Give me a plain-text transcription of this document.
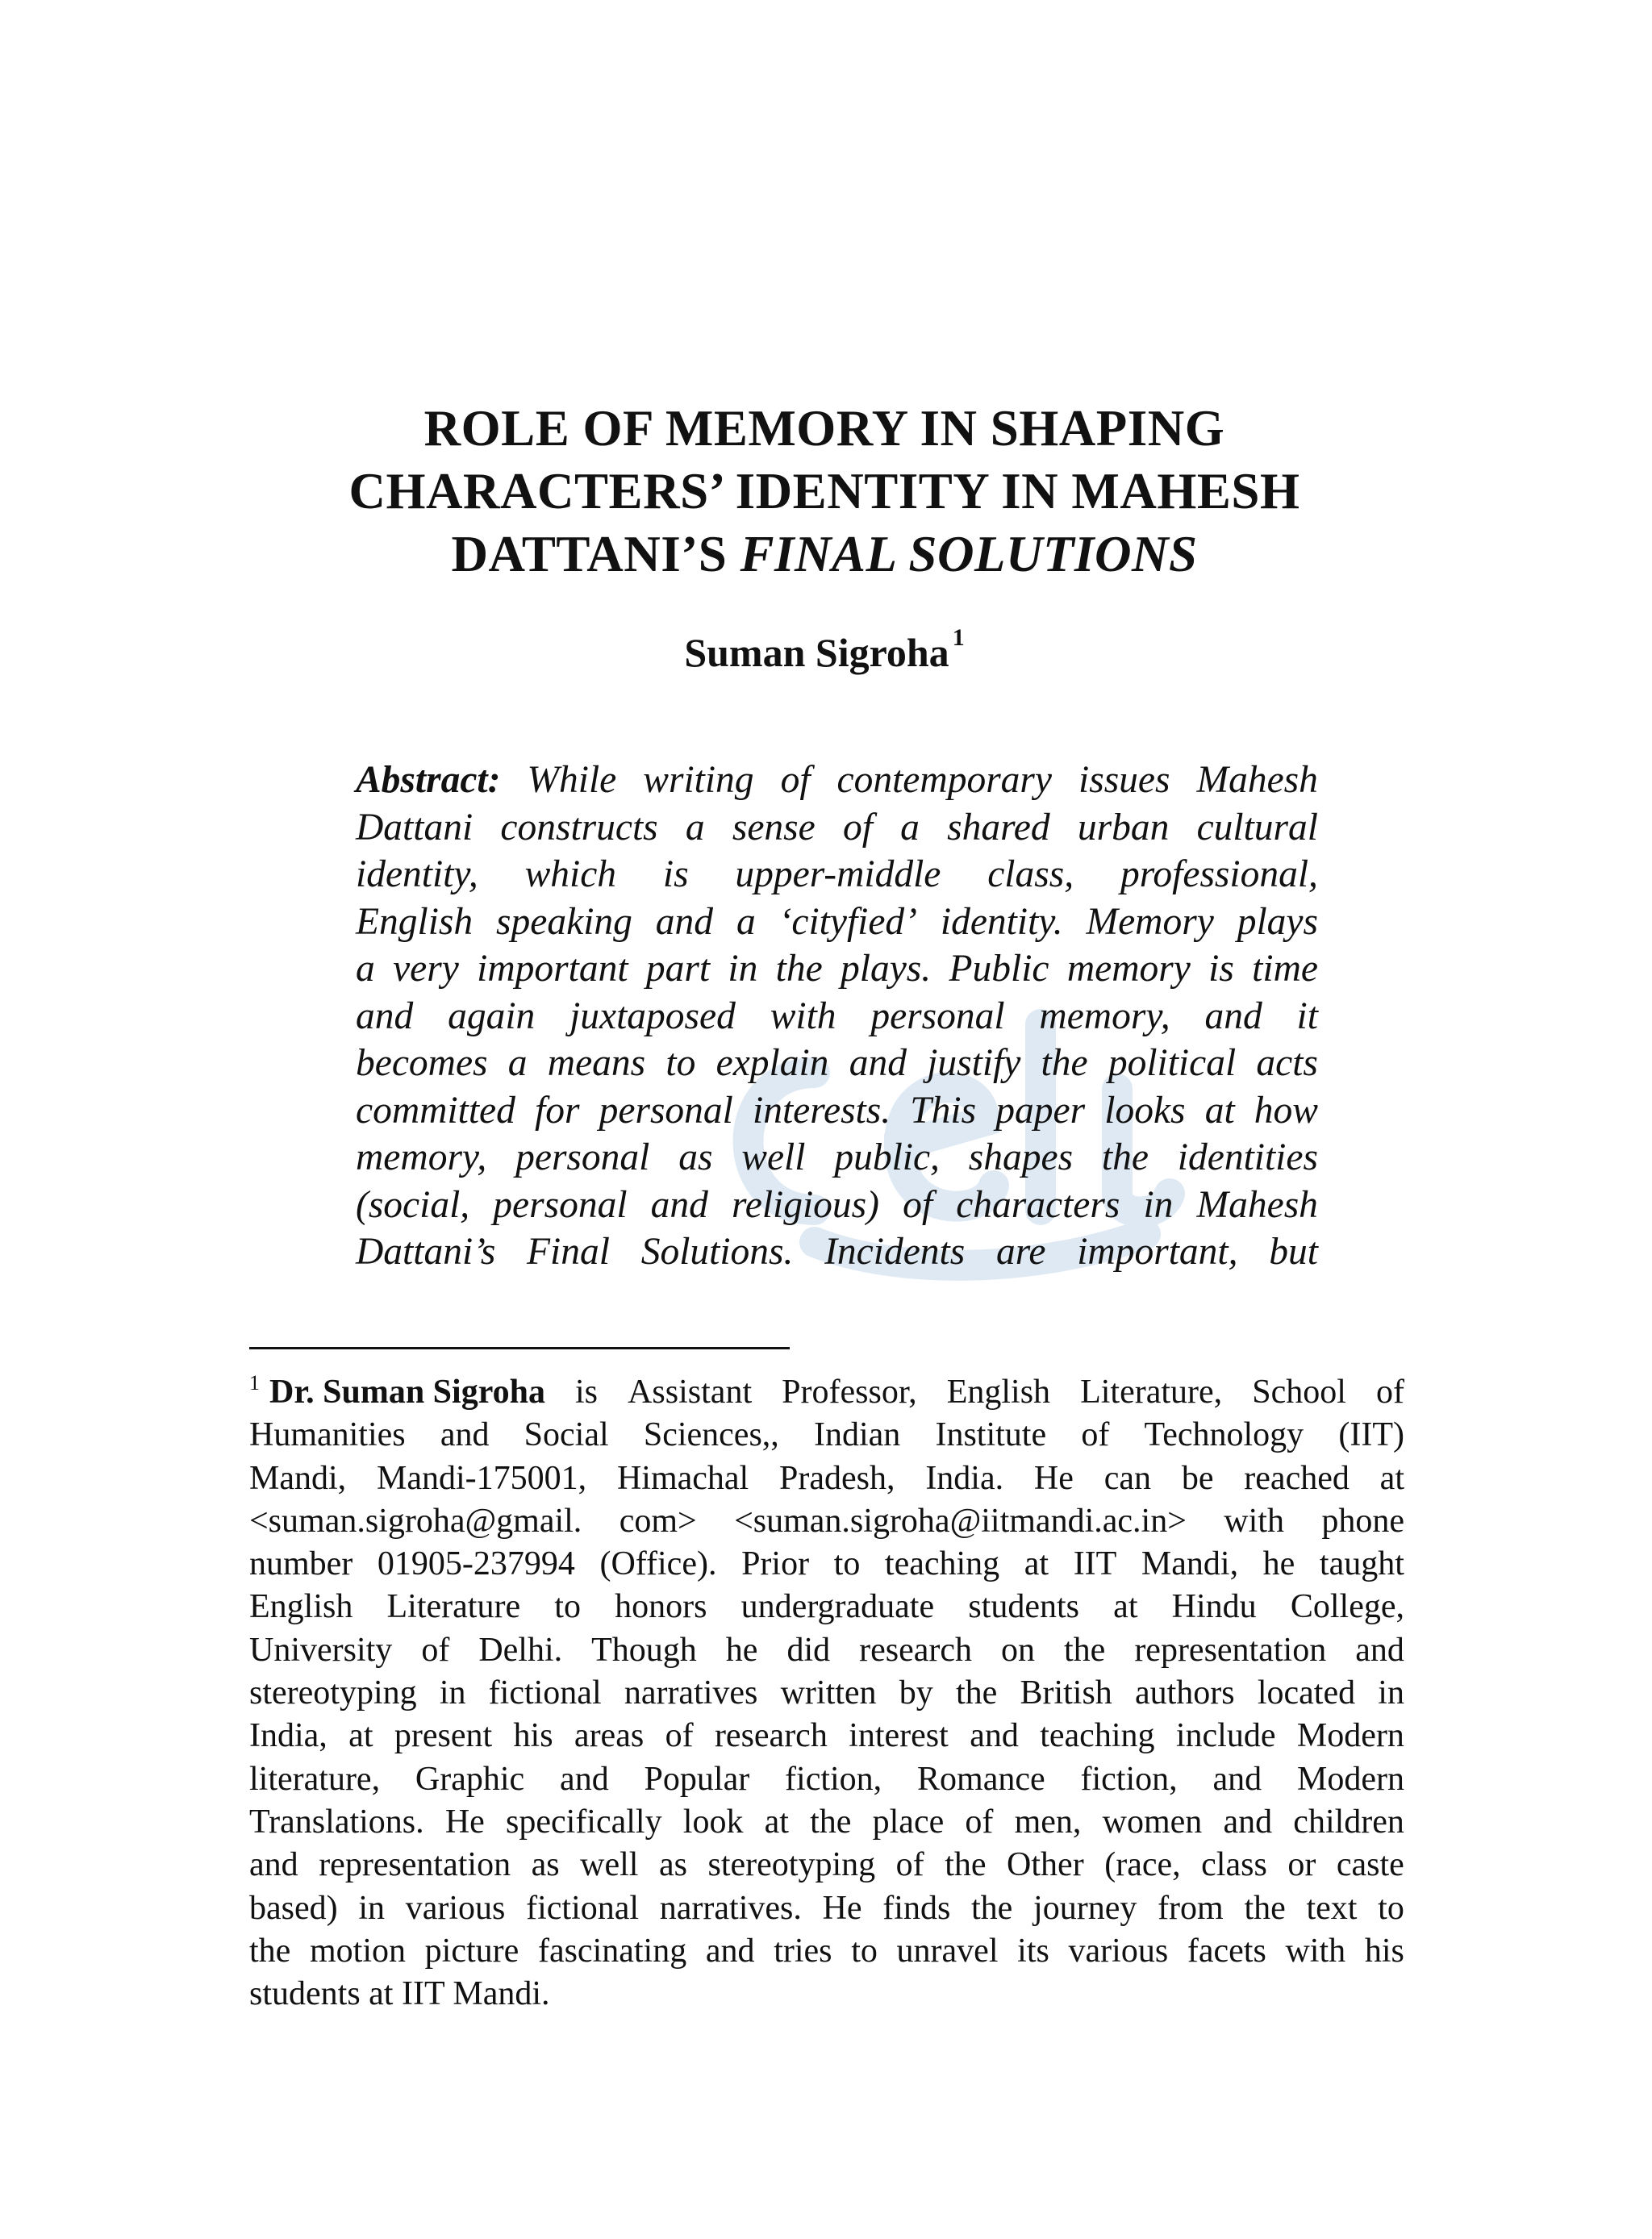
ROLE OF MEMORY IN SHAPING
CHARACTERS’ IDENTITY IN MAHESH
DATTANI’S FINAL SOLUTIONS
Suman Sigroha $^1$
Abstract: While writing of contemporary issues Mahesh
Dattani constructs a sense of a shared urban cultural
identity, which is upper-middle class, professional,
English speaking and a ‘cityfied’ identity. Memory plays
a very important part in the plays. Public memory is time
and again juxtaposed with personal memory, and it
becomes a means to explain and justify the political acts
committed for personal interests. This paper looks at how
memory, personal as well public, shapes the identities
(social, personal and religious) of characters in Mahesh
Dattani’s Final Solutions. Incidents are important, but
$^1$ Dr. Suman Sigroha is Assistant Professor, English Literature, School of
Humanities and Social Sciences,, Indian Institute of Technology (IIT)
Mandi, Mandi-175001, Himachal Pradesh, India. He can be reached at
<suman.sigroha@gmail. com> <suman.sigroha@iitmandi.ac.in> with phone
number 01905-237994 (Office). Prior to teaching at IIT Mandi, he taught
English Literature to honors undergraduate students at Hindu College,
University of Delhi. Though he did research on the representation and
stereotyping in fictional narratives written by the British authors located in
India, at present his areas of research interest and teaching include Modern
literature, Graphic and Popular fiction, Romance fiction, and Modern
Translations. He specifically look at the place of men, women and children
and representation as well as stereotyping of the Other (race, class or caste
based) in various fictional narratives. He finds the journey from the text to
the motion picture fascinating and tries to unravel its various facets with his
students at IIT Mandi.
